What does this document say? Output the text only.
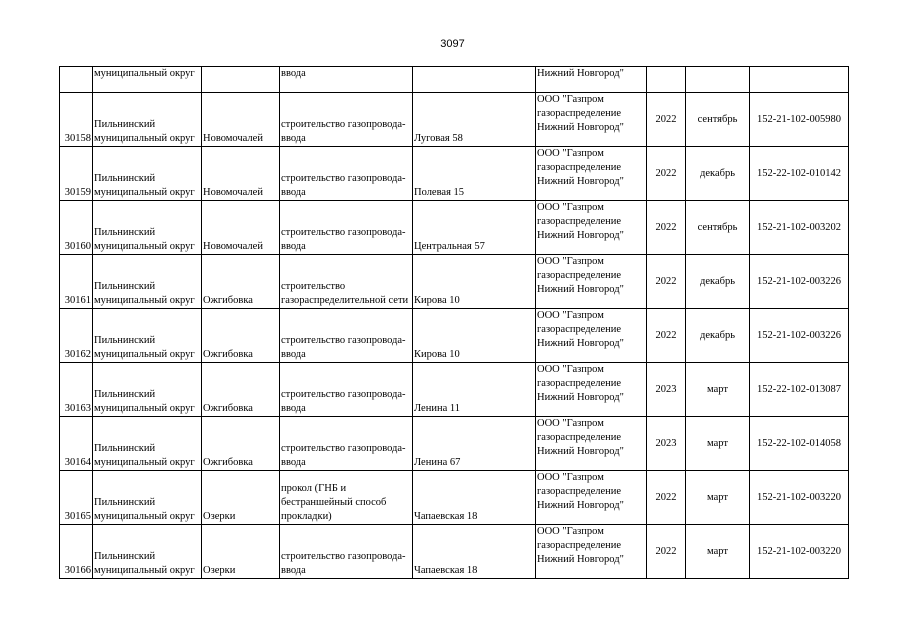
3097
	муниципальный округ		ввода		Нижний Новгород"			
30158	Пильнинский
муниципальный округ	Новомочалей	строительство газопровода-
ввода	Луговая 58	ООО "Газпром
газораспределение
Нижний Новгород"	2022	сентябрь	152-21-102-005980
30159	Пильнинский
муниципальный округ	Новомочалей	строительство газопровода-
ввода	Полевая 15	ООО "Газпром
газораспределение
Нижний Новгород"	2022	декабрь	152-22-102-010142
30160	Пильнинский
муниципальный округ	Новомочалей	строительство газопровода-
ввода	Центральная 57	ООО "Газпром
газораспределение
Нижний Новгород"	2022	сентябрь	152-21-102-003202
30161	Пильнинский
муниципальный округ	Ожгибовка	строительство
газораспределительной сети	Кирова 10	ООО "Газпром
газораспределение
Нижний Новгород"	2022	декабрь	152-21-102-003226
30162	Пильнинский
муниципальный округ	Ожгибовка	строительство газопровода-
ввода	Кирова 10	ООО "Газпром
газораспределение
Нижний Новгород"	2022	декабрь	152-21-102-003226
30163	Пильнинский
муниципальный округ	Ожгибовка	строительство газопровода-
ввода	Ленина 11	ООО "Газпром
газораспределение
Нижний Новгород"	2023	март	152-22-102-013087
30164	Пильнинский
муниципальный округ	Ожгибовка	строительство газопровода-
ввода	Ленина 67	ООО "Газпром
газораспределение
Нижний Новгород"	2023	март	152-22-102-014058
30165	Пильнинский
муниципальный округ	Озерки	прокол (ГНБ и
бестраншейный способ
прокладки)	Чапаевская 18	ООО "Газпром
газораспределение
Нижний Новгород"	2022	март	152-21-102-003220
30166	Пильнинский
муниципальный округ	Озерки	строительство газопровода-
ввода	Чапаевская 18	ООО "Газпром
газораспределение
Нижний Новгород"	2022	март	152-21-102-003220
